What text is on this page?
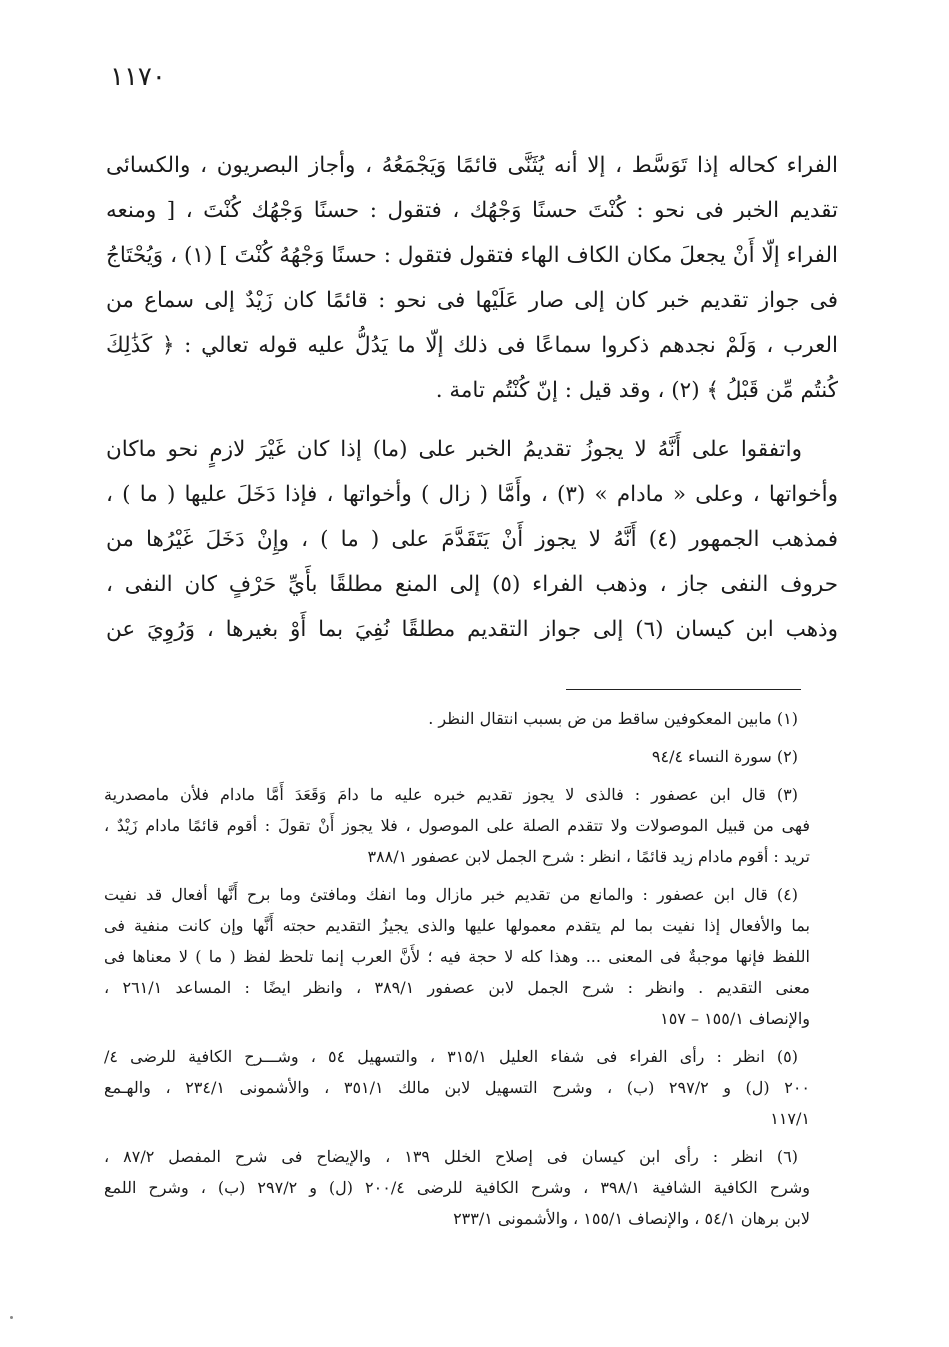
١١٧٠
الفراء كحاله إذا تَوَسَّط ، إلا أنه يُثَنَّى قائمًا وَيَجْمَعُهُ ، وأجاز البصريون ، والكسائى
تقديم الخبر فى نحو : كُنْتَ حسنًا وَجْهُك ، فتقول : حسنًا وَجْهُك كُنْتَ ، [ ومنعه
الفراء إلّا أَنْ يجعلَ مكان الكاف الهاء فتقول فتقول : حسنًا وَجْهُهُ كُنْتَ ] (١) ، وَيُحْتَاجُ
فى جواز تقديم خبر كان إلى صار عَلَيْها فى نحو : قائمًا كان زَيْدٌ إلى سماع من
العرب ، وَلَمْ نجدهم ذكروا سماعًا فى ذلك إلّا ما يَدُلُّ عليه قوله تعالي : ﴿ كَذَٰلِكَ
كُنتُم مِّن قَبْلُ ﴾ (٢) ، وقد قيل : إنّ كُنْتُم تامة .
واتفقوا على أَنَّهُ لا يجوزُ تقديمُ الخبر على (ما) إذا كان غَيْرَ لازمٍ نحو ماكان
وأخواتها ، وعلى « مادام » (٣) ، وأَمَّا ( زال ) وأخواتها ، فإذا دَخَلَ عليها ( ما ) ،
فمذهب الجمهور (٤) أَنَّهُ لا يجوز أَنْ يَتَقَدَّمَ على ( ما ) ، وإِنْ دَخَلَ غَيْرُها من
حروف النفى جاز ، وذهب الفراء (٥) إلى المنع مطلقًا بأَيِّ حَرْفٍ كان النفى ،
وذهب ابن كيسان (٦) إلى جواز التقديم مطلقًا نُفِيَ بما أَوْ بغيرها ، وَرُوِيَ عن
(١) مابين المعكوفين ساقط من ض بسبب انتقال النظر .
(٢) سورة النساء ٩٤/٤
(٣) قال ابن عصفور : فالذى لا يجوز تقديم خبره عليه ما دامَ وَقَعَدَ أَمَّا مادام فلأن مامصدرية
فهى من قبيل الموصولات ولا تتقدم الصلة على الموصول ، فلا يجوز أَنْ تقولَ : أقوم قائمًا مادام زَيْدٌ ،
تريد : أقوم مادام زيد قائمًا ، انظر : شرح الجمل لابن عصفور ٣٨٨/١
(٤) قال ابن عصفور : والمانع من تقديم خبر مازال وما انفك ومافتئ وما برح أَنَّها أفعال قد نفيت
بما والأفعال إذا نفيت بما لم يتقدم معمولها عليها والذى يجيزُ التقديم حجته أَنَّها وإن كانت منفية فى
اللفظ فإنها موجبةٌ فى المعنى ... وهذا كله لا حجة فيه ؛ لأَنَّ العرب إنما تلحظ لفظ ( ما ) لا معناها فى
معنى التقديم . وانظر : شرح الجمل لابن عصفور ٣٨٩/١ ، وانظر ايضًا : المساعد ٢٦١/١ ،
والإنصاف ١٥٥/١ – ١٥٧
(٥) انظر : رأى الفراء فى شفاء العليل ٣١٥/١ ، والتسهيل ٥٤ ، وشـــرح الكافية للرضى ٤/
٢٠٠ (ل) و ٢٩٧/٢ (ب) ، وشرح التسهيل لابن مالك ٣٥١/١ ، والأشمونى ٢٣٤/١ ، والهـمع
١١٧/١
(٦) انظر : رأى ابن كيسان فى إصلاح الخلل ١٣٩ ، والإيضاح فى شرح المفصل ٨٧/٢ ،
وشرح الكافية الشافية ٣٩٨/١ ، وشرح الكافية للرضى ٢٠٠/٤ (ل) و ٢٩٧/٢ (ب) ، وشرح اللمع
لابن برهان ٥٤/١ ، والإنصاف ١٥٥/١ ، والأشمونى ٢٣٣/١
